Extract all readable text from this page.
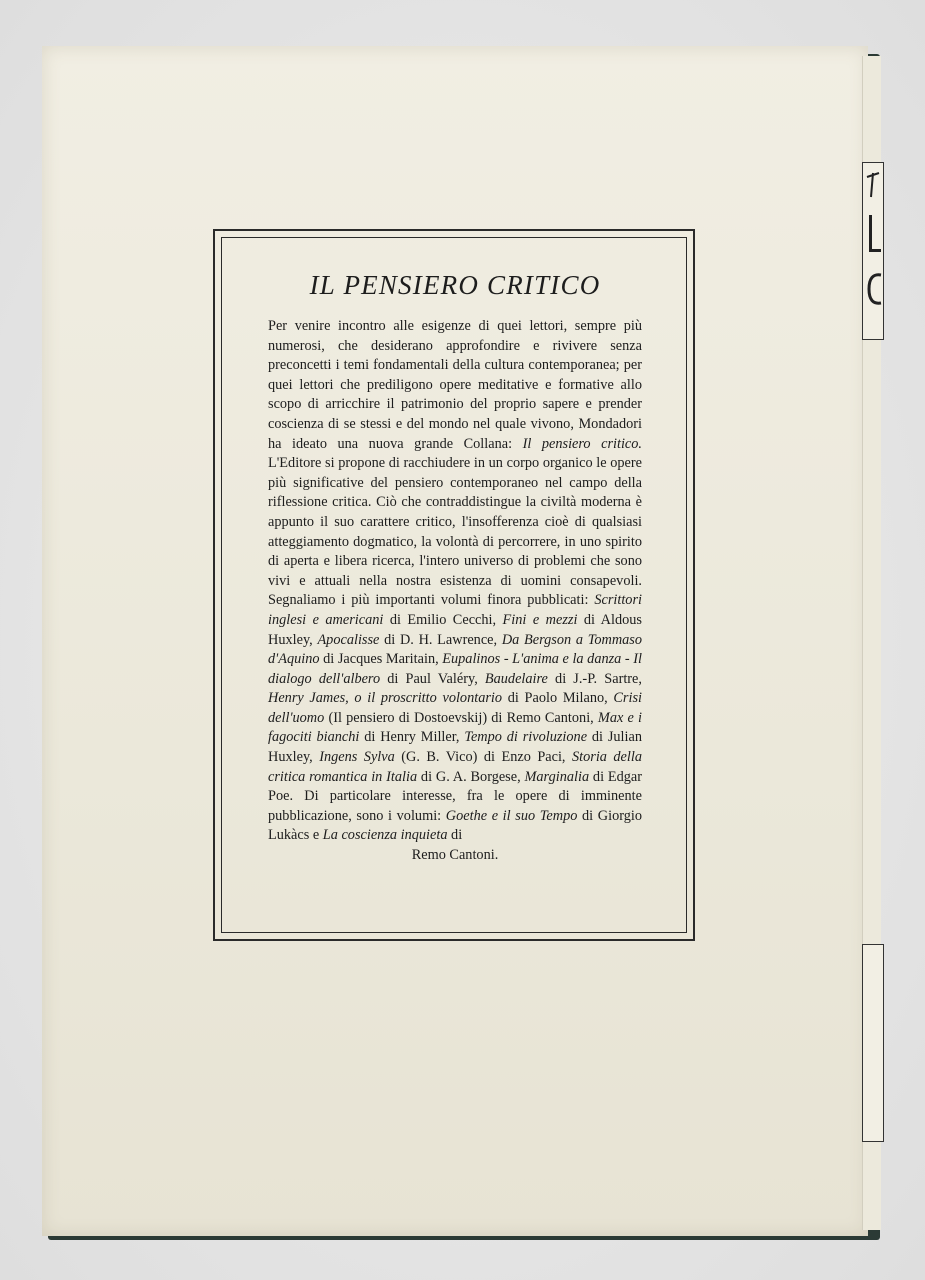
IL PENSIERO CRITICO

Per venire incontro alle esigenze di quei lettori, sempre più numerosi, che desiderano approfondire e rivivere senza preconcetti i temi fondamentali della cultura contemporanea; per quei lettori che prediligono opere meditative e formative allo scopo di arricchire il patrimonio del proprio sapere e prender coscienza di se stessi e del mondo nel quale vivono, Mondadori ha ideato una nuova grande Collana: Il pensiero critico. L'Editore si propone di racchiudere in un corpo organico le opere più significative del pensiero contemporaneo nel campo della riflessione critica. Ciò che contraddistingue la civiltà moderna è appunto il suo carattere critico, l'insofferenza cioè di qualsiasi atteggiamento dogmatico, la volontà di percorrere, in uno spirito di aperta e libera ricerca, l'intero universo di problemi che sono vivi e attuali nella nostra esistenza di uomini consapevoli. Segnaliamo i più importanti volumi finora pubblicati: Scrittori inglesi e americani di Emilio Cecchi, Fini e mezzi di Aldous Huxley, Apocalisse di D. H. Lawrence, Da Bergson a Tommaso d'Aquino di Jacques Maritain, Eupalinos - L'anima e la danza - Il dialogo dell'albero di Paul Valéry, Baudelaire di J.-P. Sartre, Henry James, o il proscritto volontario di Paolo Milano, Crisi dell'uomo (Il pensiero di Dostoevskij) di Remo Cantoni, Max e i fagociti bianchi di Henry Miller, Tempo di rivoluzione di Julian Huxley, Ingens Sylva (G. B. Vico) di Enzo Paci, Storia della critica romantica in Italia di G. A. Borgese, Marginalia di Edgar Poe. Di particolare interesse, fra le opere di imminente pubblicazione, sono i volumi: Goethe e il suo Tempo di Giorgio Lukàcs e La coscienza inquieta di
Remo Cantoni.
